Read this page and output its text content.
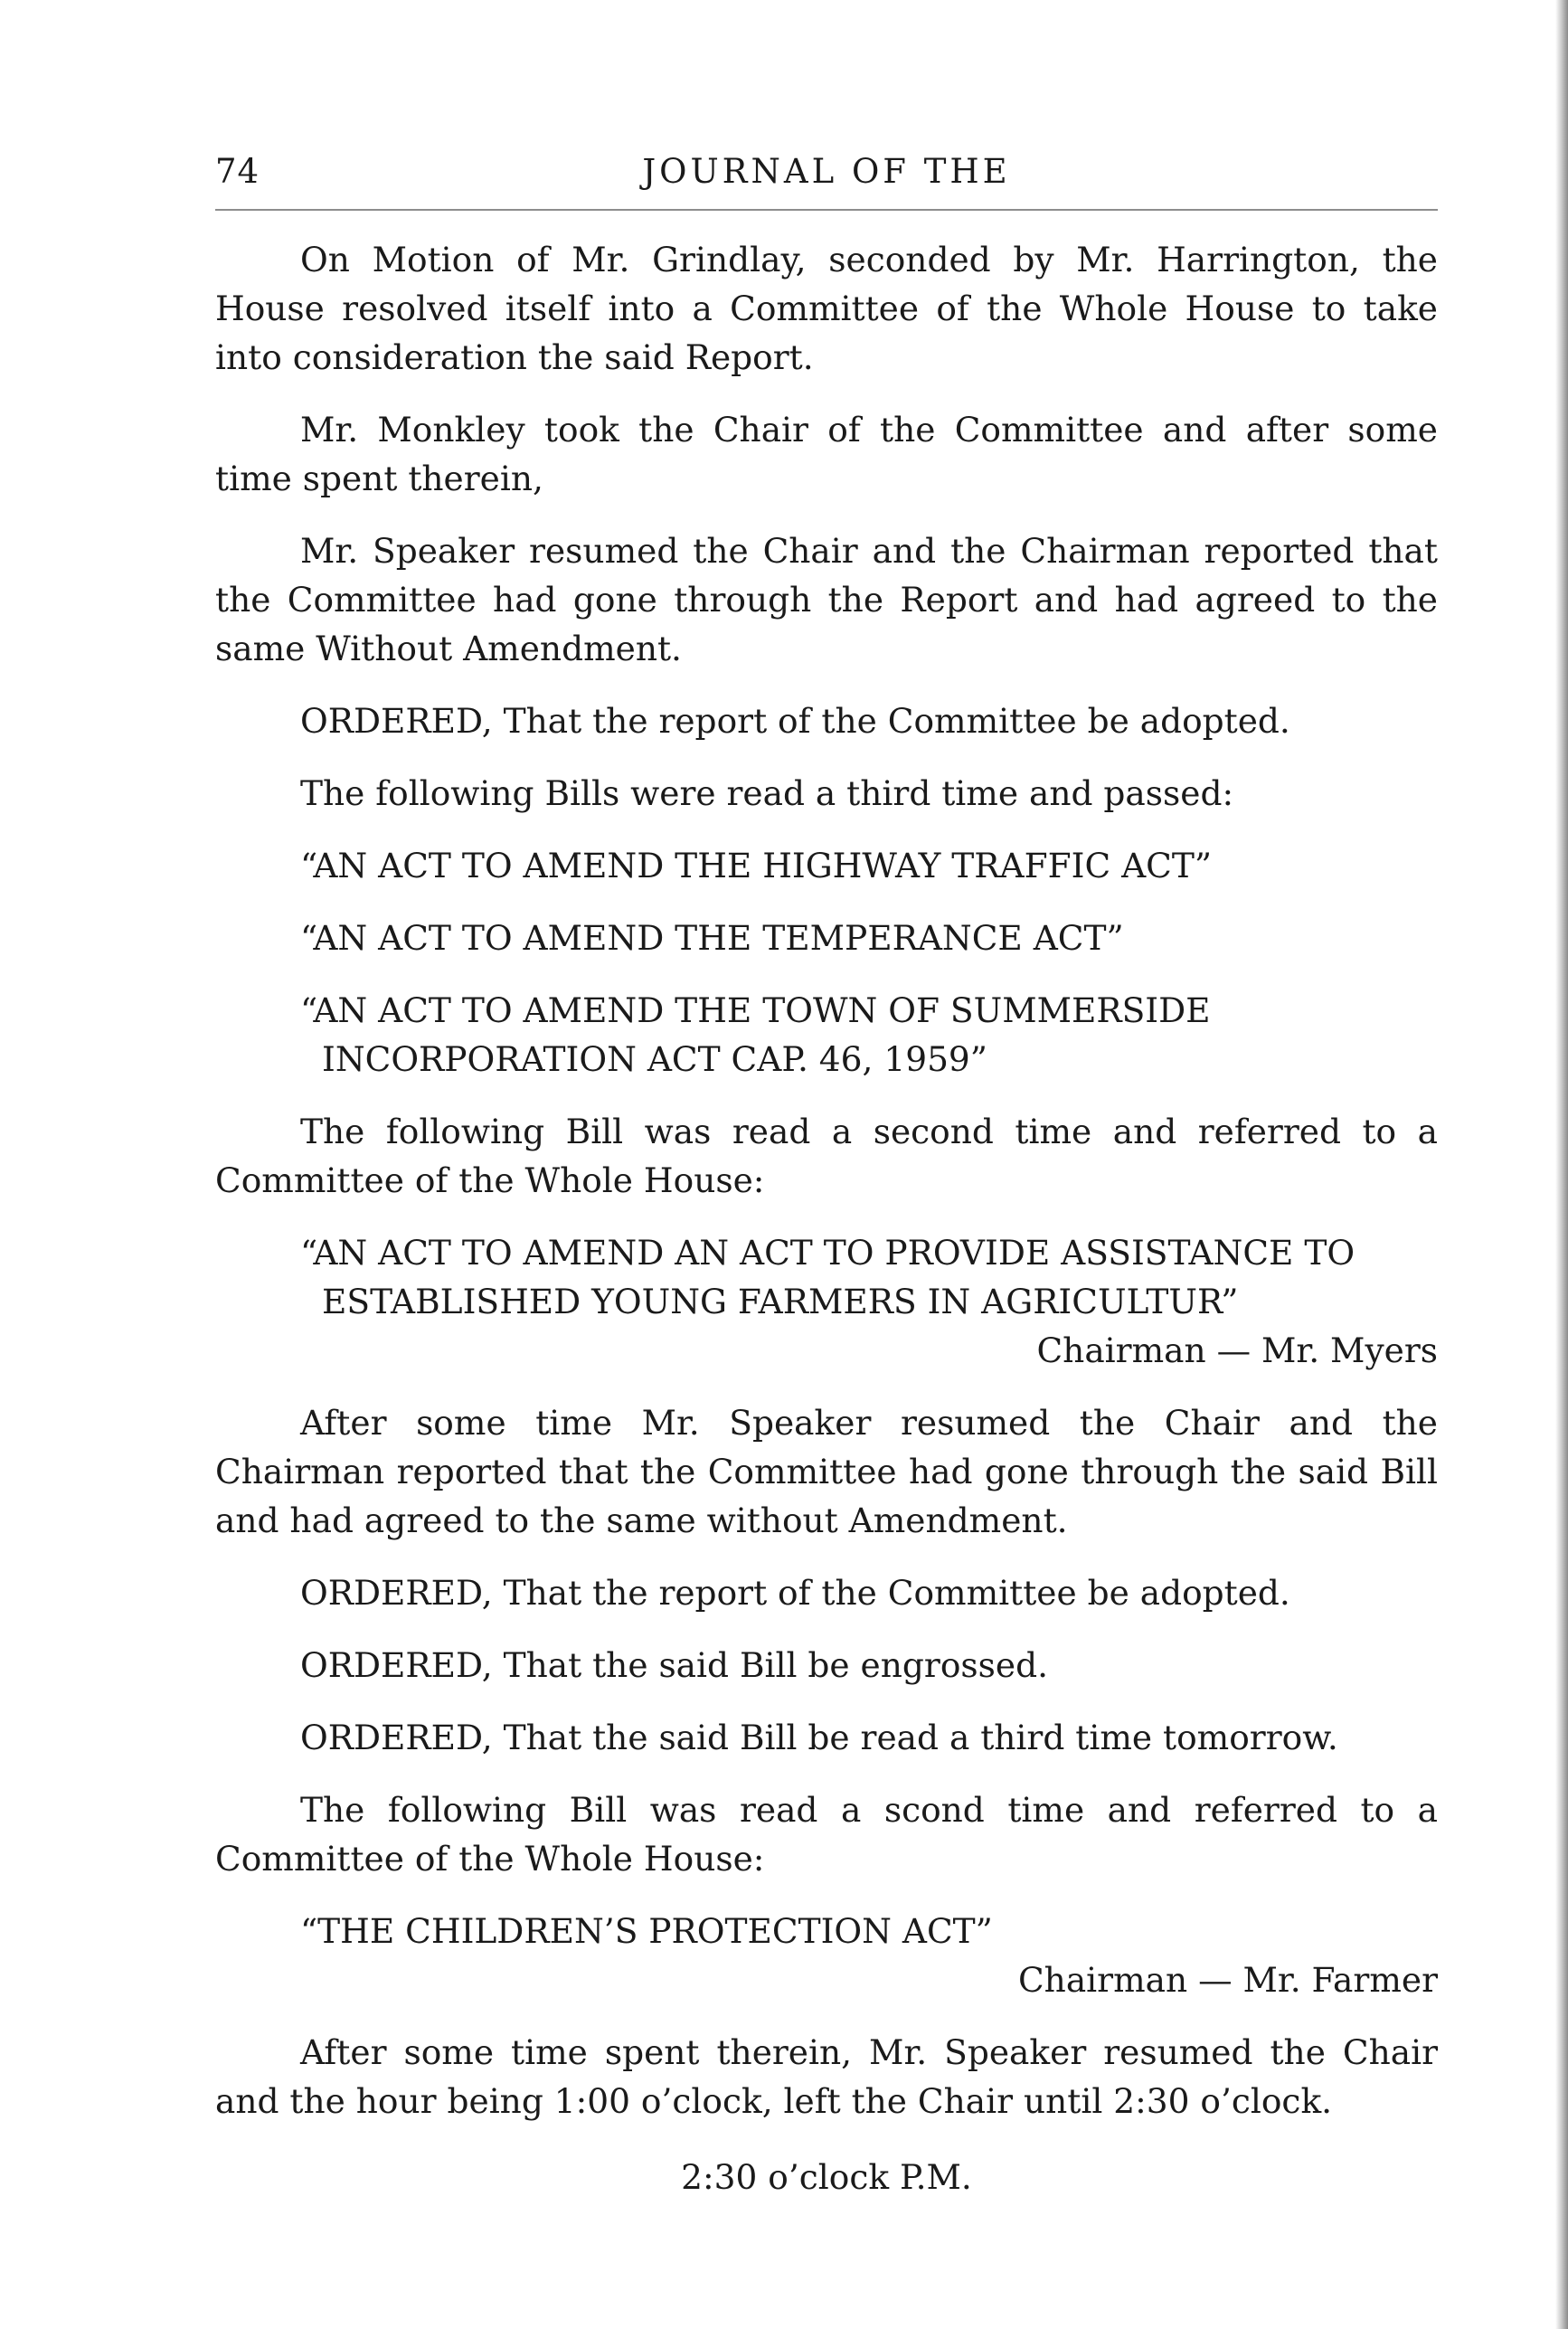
74	JOURNAL OF THE

On Motion of Mr. Grindlay, seconded by Mr. Harrington, the House resolved itself into a Committee of the Whole House to take into consideration the said Report.

Mr. Monkley took the Chair of the Committee and after some time spent therein,

Mr. Speaker resumed the Chair and the Chairman reported that the Committee had gone through the Report and had agreed to the same Without Amendment.

ORDERED, That the report of the Committee be adopted.

The following Bills were read a third time and passed:

“AN ACT TO AMEND THE HIGHWAY TRAFFIC ACT”

“AN ACT TO AMEND THE TEMPERANCE ACT”

“AN ACT TO AMEND THE TOWN OF SUMMERSIDE INCORPORATION ACT CAP. 46, 1959”

The following Bill was read a second time and referred to a Committee of the Whole House:

“AN ACT TO AMEND AN ACT TO PROVIDE ASSISTANCE TO ESTABLISHED YOUNG FARMERS IN AGRICULTUR”

Chairman — Mr. Myers

After some time Mr. Speaker resumed the Chair and the Chairman reported that the Committee had gone through the said Bill and had agreed to the same without Amendment.

ORDERED, That the report of the Committee be adopted.

ORDERED, That the said Bill be engrossed.

ORDERED, That the said Bill be read a third time tomorrow.

The following Bill was read a scond time and referred to a Committee of the Whole House:

“THE CHILDREN’S PROTECTION ACT”

Chairman — Mr. Farmer

After some time spent therein, Mr. Speaker resumed the Chair and the hour being 1:00 o’clock, left the Chair until 2:30 o’clock.

2:30 o’clock P.M.
